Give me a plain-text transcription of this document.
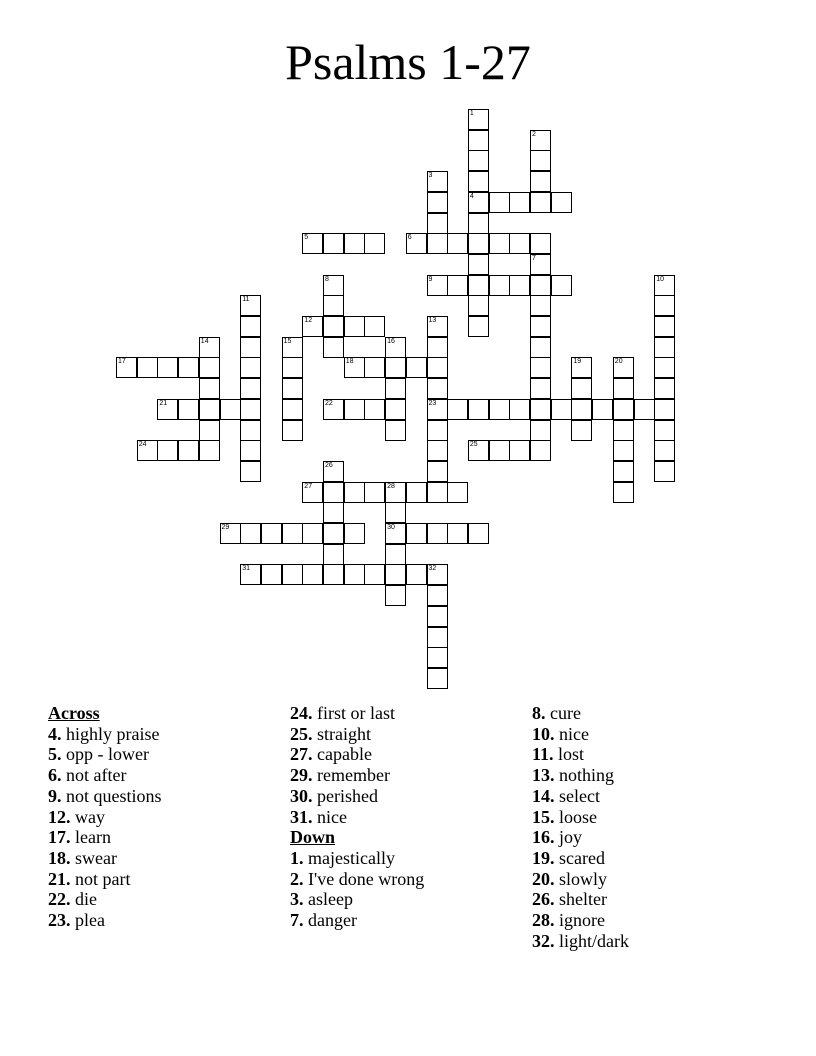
Psalms 1-27
4
5	6
9
12
17	18
21	22	23
24	25
27	28
29	30
31
1
2
3
7
8	10
11
13
14	15	16
19	20
26
32
Across
4. highly praise
5. opp - lower
6. not after
9. not questions
12. way
17. learn
18. swear
21. not part
22. die
23. plea
24. first or last
25. straight
27. capable
29. remember
30. perished
31. nice
Down
1. majestically
2. I've done wrong
3. asleep
7. danger
8. cure
10. nice
11. lost
13. nothing
14. select
15. loose
16. joy
19. scared
20. slowly
26. shelter
28. ignore
32. light/dark
